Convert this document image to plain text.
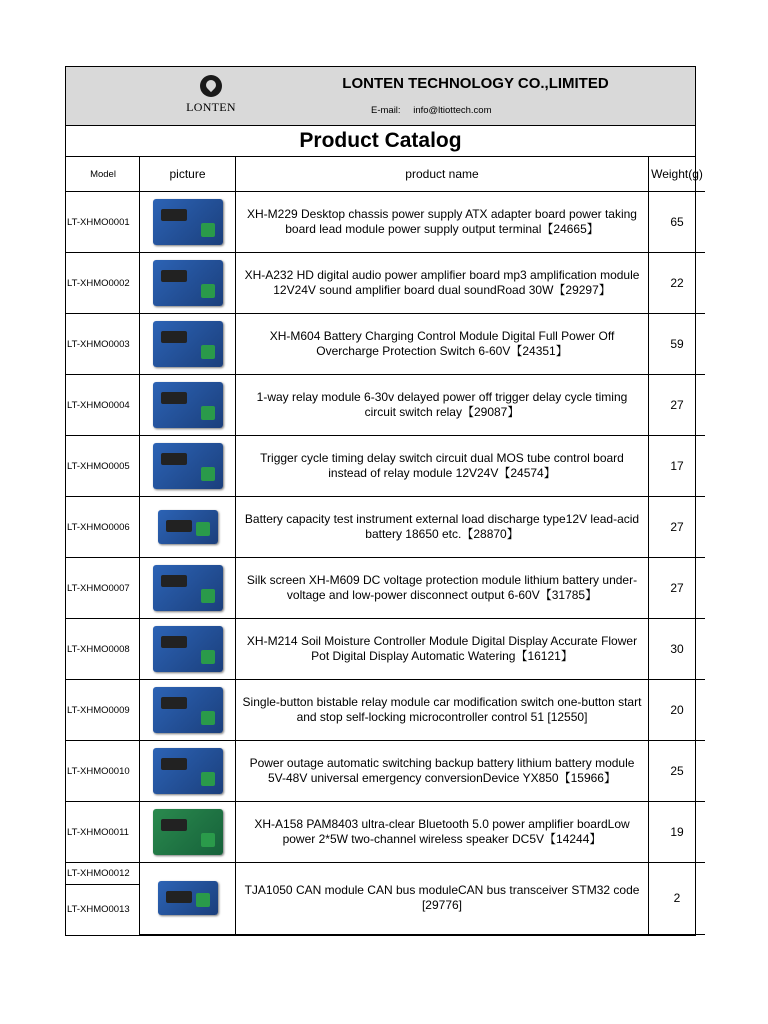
LONTEN
LONTEN TECHNOLOGY CO.,LIMITED
E-mail: info@ltiottech.com
Product Catalog
Model	picture	product name	Weight(g)
LT-XHMO0001		XH-M229 Desktop chassis power supply ATX adapter board power taking board lead module power supply output terminal【24665】	65
LT-XHMO0002		XH-A232 HD digital audio power amplifier board mp3 amplification module 12V24V sound amplifier board dual soundRoad 30W【29297】	22
LT-XHMO0003		XH-M604 Battery Charging Control Module Digital Full Power Off Overcharge Protection Switch 6-60V【24351】	59
LT-XHMO0004		1-way relay module 6-30v delayed power off trigger delay cycle timing circuit switch relay【29087】	27
LT-XHMO0005		Trigger cycle timing delay switch circuit dual MOS tube control board instead of relay module 12V24V【24574】	17
LT-XHMO0006		Battery capacity test instrument external load discharge type12V lead-acid battery 18650 etc.【28870】	27
LT-XHMO0007		Silk screen XH-M609 DC voltage protection module lithium battery under-voltage and low-power disconnect output 6-60V【31785】	27
LT-XHMO0008		XH-M214 Soil Moisture Controller Module Digital Display Accurate Flower Pot Digital Display Automatic Watering【16121】	30
LT-XHMO0009		Single-button bistable relay module car modification switch one-button start and stop self-locking microcontroller control 51 [12550]	20
LT-XHMO0010		Power outage automatic switching backup battery lithium battery module 5V-48V universal emergency conversionDevice YX850【15966】	25
LT-XHMO0011		XH-A158 PAM8403 ultra-clear Bluetooth 5.0 power amplifier boardLow power 2*5W two-channel wireless speaker DC5V【14244】	19
LT-XHMO0012		TJA1050 CAN module CAN bus moduleCAN bus transceiver STM32 code [29776]	2
LT-XHMO0013			
